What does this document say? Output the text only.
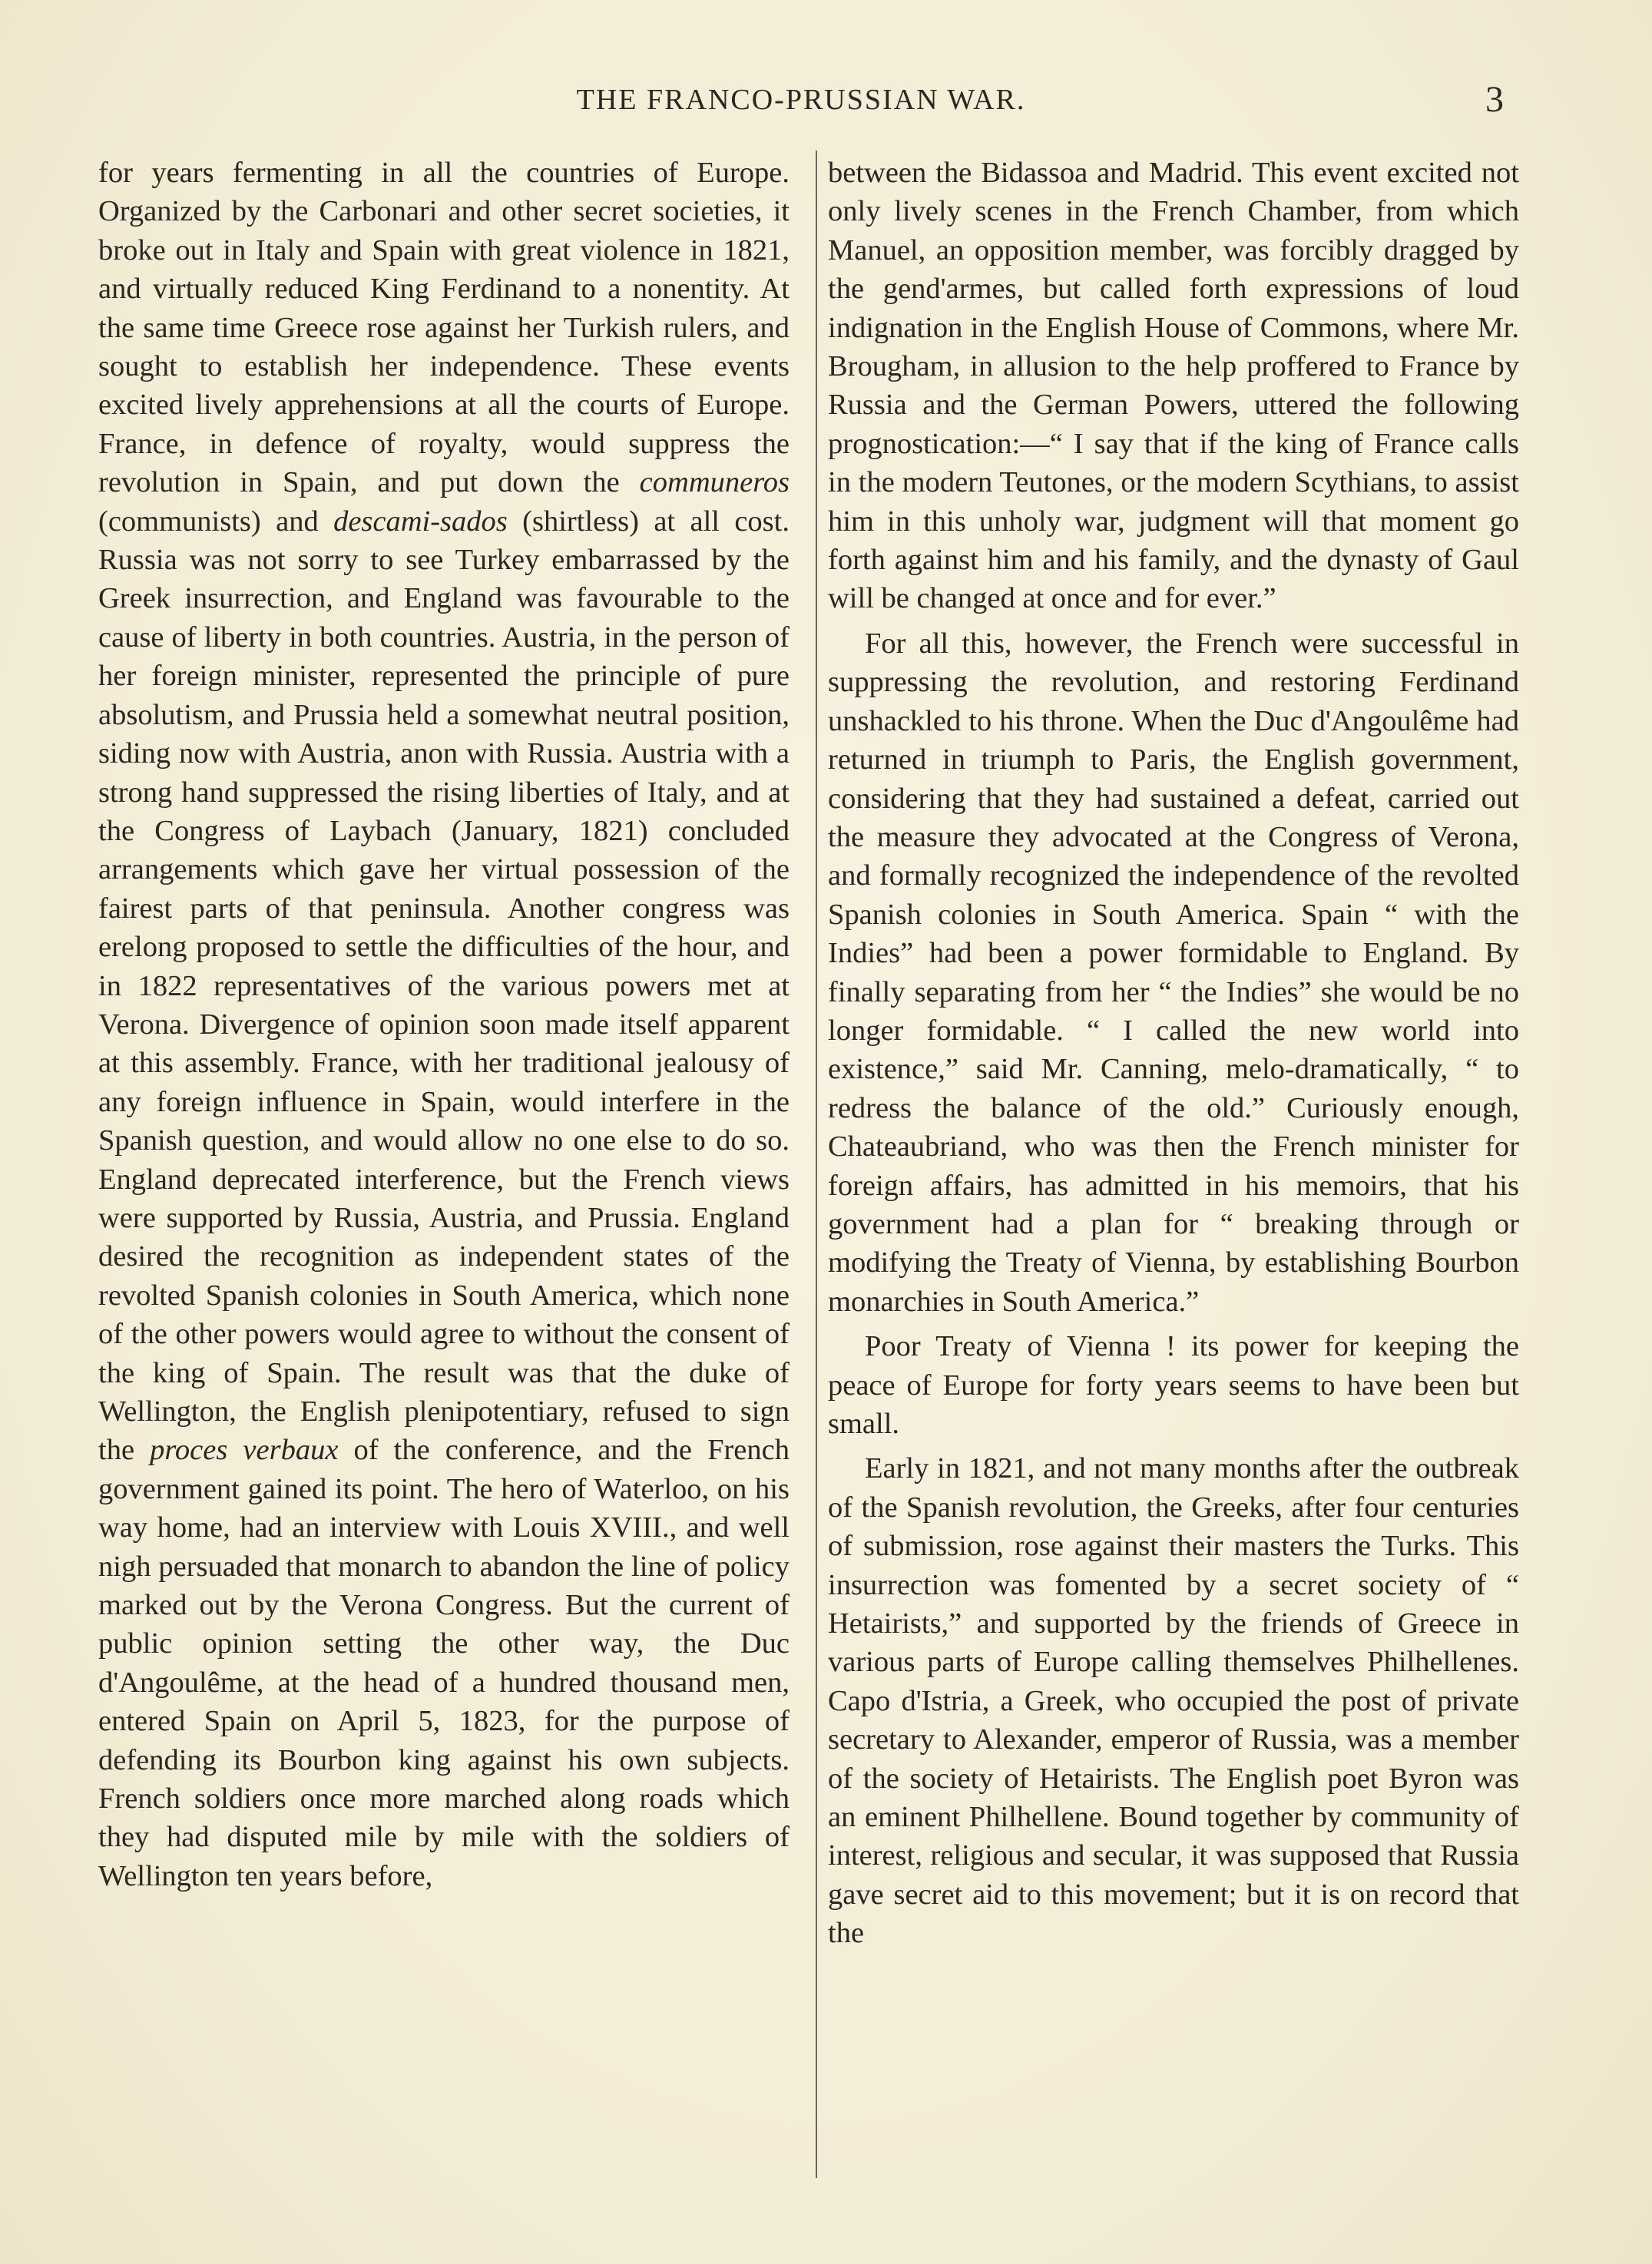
THE FRANCO-PRUSSIAN WAR.	3

for years fermenting in all the countries of Europe. Organized by the Carbonari and other secret societies, it broke out in Italy and Spain with great violence in 1821, and virtually reduced King Ferdinand to a nonentity. At the same time Greece rose against her Turkish rulers, and sought to establish her independence. These events excited lively apprehensions at all the courts of Europe. France, in defence of royalty, would suppress the revolution in Spain, and put down the communeros (communists) and descami-sados (shirtless) at all cost. Russia was not sorry to see Turkey embarrassed by the Greek insurrection, and England was favourable to the cause of liberty in both countries. Austria, in the person of her foreign minister, represented the principle of pure absolutism, and Prussia held a somewhat neutral position, siding now with Austria, anon with Russia. Austria with a strong hand suppressed the rising liberties of Italy, and at the Congress of Laybach (January, 1821) concluded arrangements which gave her virtual possession of the fairest parts of that peninsula. Another congress was erelong proposed to settle the difficulties of the hour, and in 1822 representatives of the various powers met at Verona. Divergence of opinion soon made itself apparent at this assembly. France, with her traditional jealousy of any foreign influence in Spain, would interfere in the Spanish question, and would allow no one else to do so. England deprecated interference, but the French views were supported by Russia, Austria, and Prussia. England desired the recognition as independent states of the revolted Spanish colonies in South America, which none of the other powers would agree to without the consent of the king of Spain. The result was that the duke of Wellington, the English plenipotentiary, refused to sign the proces verbaux of the conference, and the French government gained its point. The hero of Waterloo, on his way home, had an interview with Louis XVIII., and well nigh persuaded that monarch to abandon the line of policy marked out by the Verona Congress. But the current of public opinion setting the other way, the Duc d'Angoulême, at the head of a hundred thousand men, entered Spain on April 5, 1823, for the purpose of defending its Bourbon king against his own subjects. French soldiers once more marched along roads which they had disputed mile by mile with the soldiers of Wellington ten years before,

between the Bidassoa and Madrid. This event excited not only lively scenes in the French Chamber, from which Manuel, an opposition member, was forcibly dragged by the gend'armes, but called forth expressions of loud indignation in the English House of Commons, where Mr. Brougham, in allusion to the help proffered to France by Russia and the German Powers, uttered the following prognostication:—“ I say that if the king of France calls in the modern Teutones, or the modern Scythians, to assist him in this unholy war, judgment will that moment go forth against him and his family, and the dynasty of Gaul will be changed at once and for ever.”

For all this, however, the French were successful in suppressing the revolution, and restoring Ferdinand unshackled to his throne. When the Duc d'Angoulême had returned in triumph to Paris, the English government, considering that they had sustained a defeat, carried out the measure they advocated at the Congress of Verona, and formally recognized the independence of the revolted Spanish colonies in South America. Spain “ with the Indies” had been a power formidable to England. By finally separating from her “ the Indies” she would be no longer formidable. “ I called the new world into existence,” said Mr. Canning, melo-dramatically, “ to redress the balance of the old.” Curiously enough, Chateaubriand, who was then the French minister for foreign affairs, has admitted in his memoirs, that his government had a plan for “ breaking through or modifying the Treaty of Vienna, by establishing Bourbon monarchies in South America.”

Poor Treaty of Vienna ! its power for keeping the peace of Europe for forty years seems to have been but small.

Early in 1821, and not many months after the outbreak of the Spanish revolution, the Greeks, after four centuries of submission, rose against their masters the Turks. This insurrection was fomented by a secret society of “ Hetairists,” and supported by the friends of Greece in various parts of Europe calling themselves Philhellenes. Capo d'Istria, a Greek, who occupied the post of private secretary to Alexander, emperor of Russia, was a member of the society of Hetairists. The English poet Byron was an eminent Philhellene. Bound together by community of interest, religious and secular, it was supposed that Russia gave secret aid to this movement; but it is on record that the
